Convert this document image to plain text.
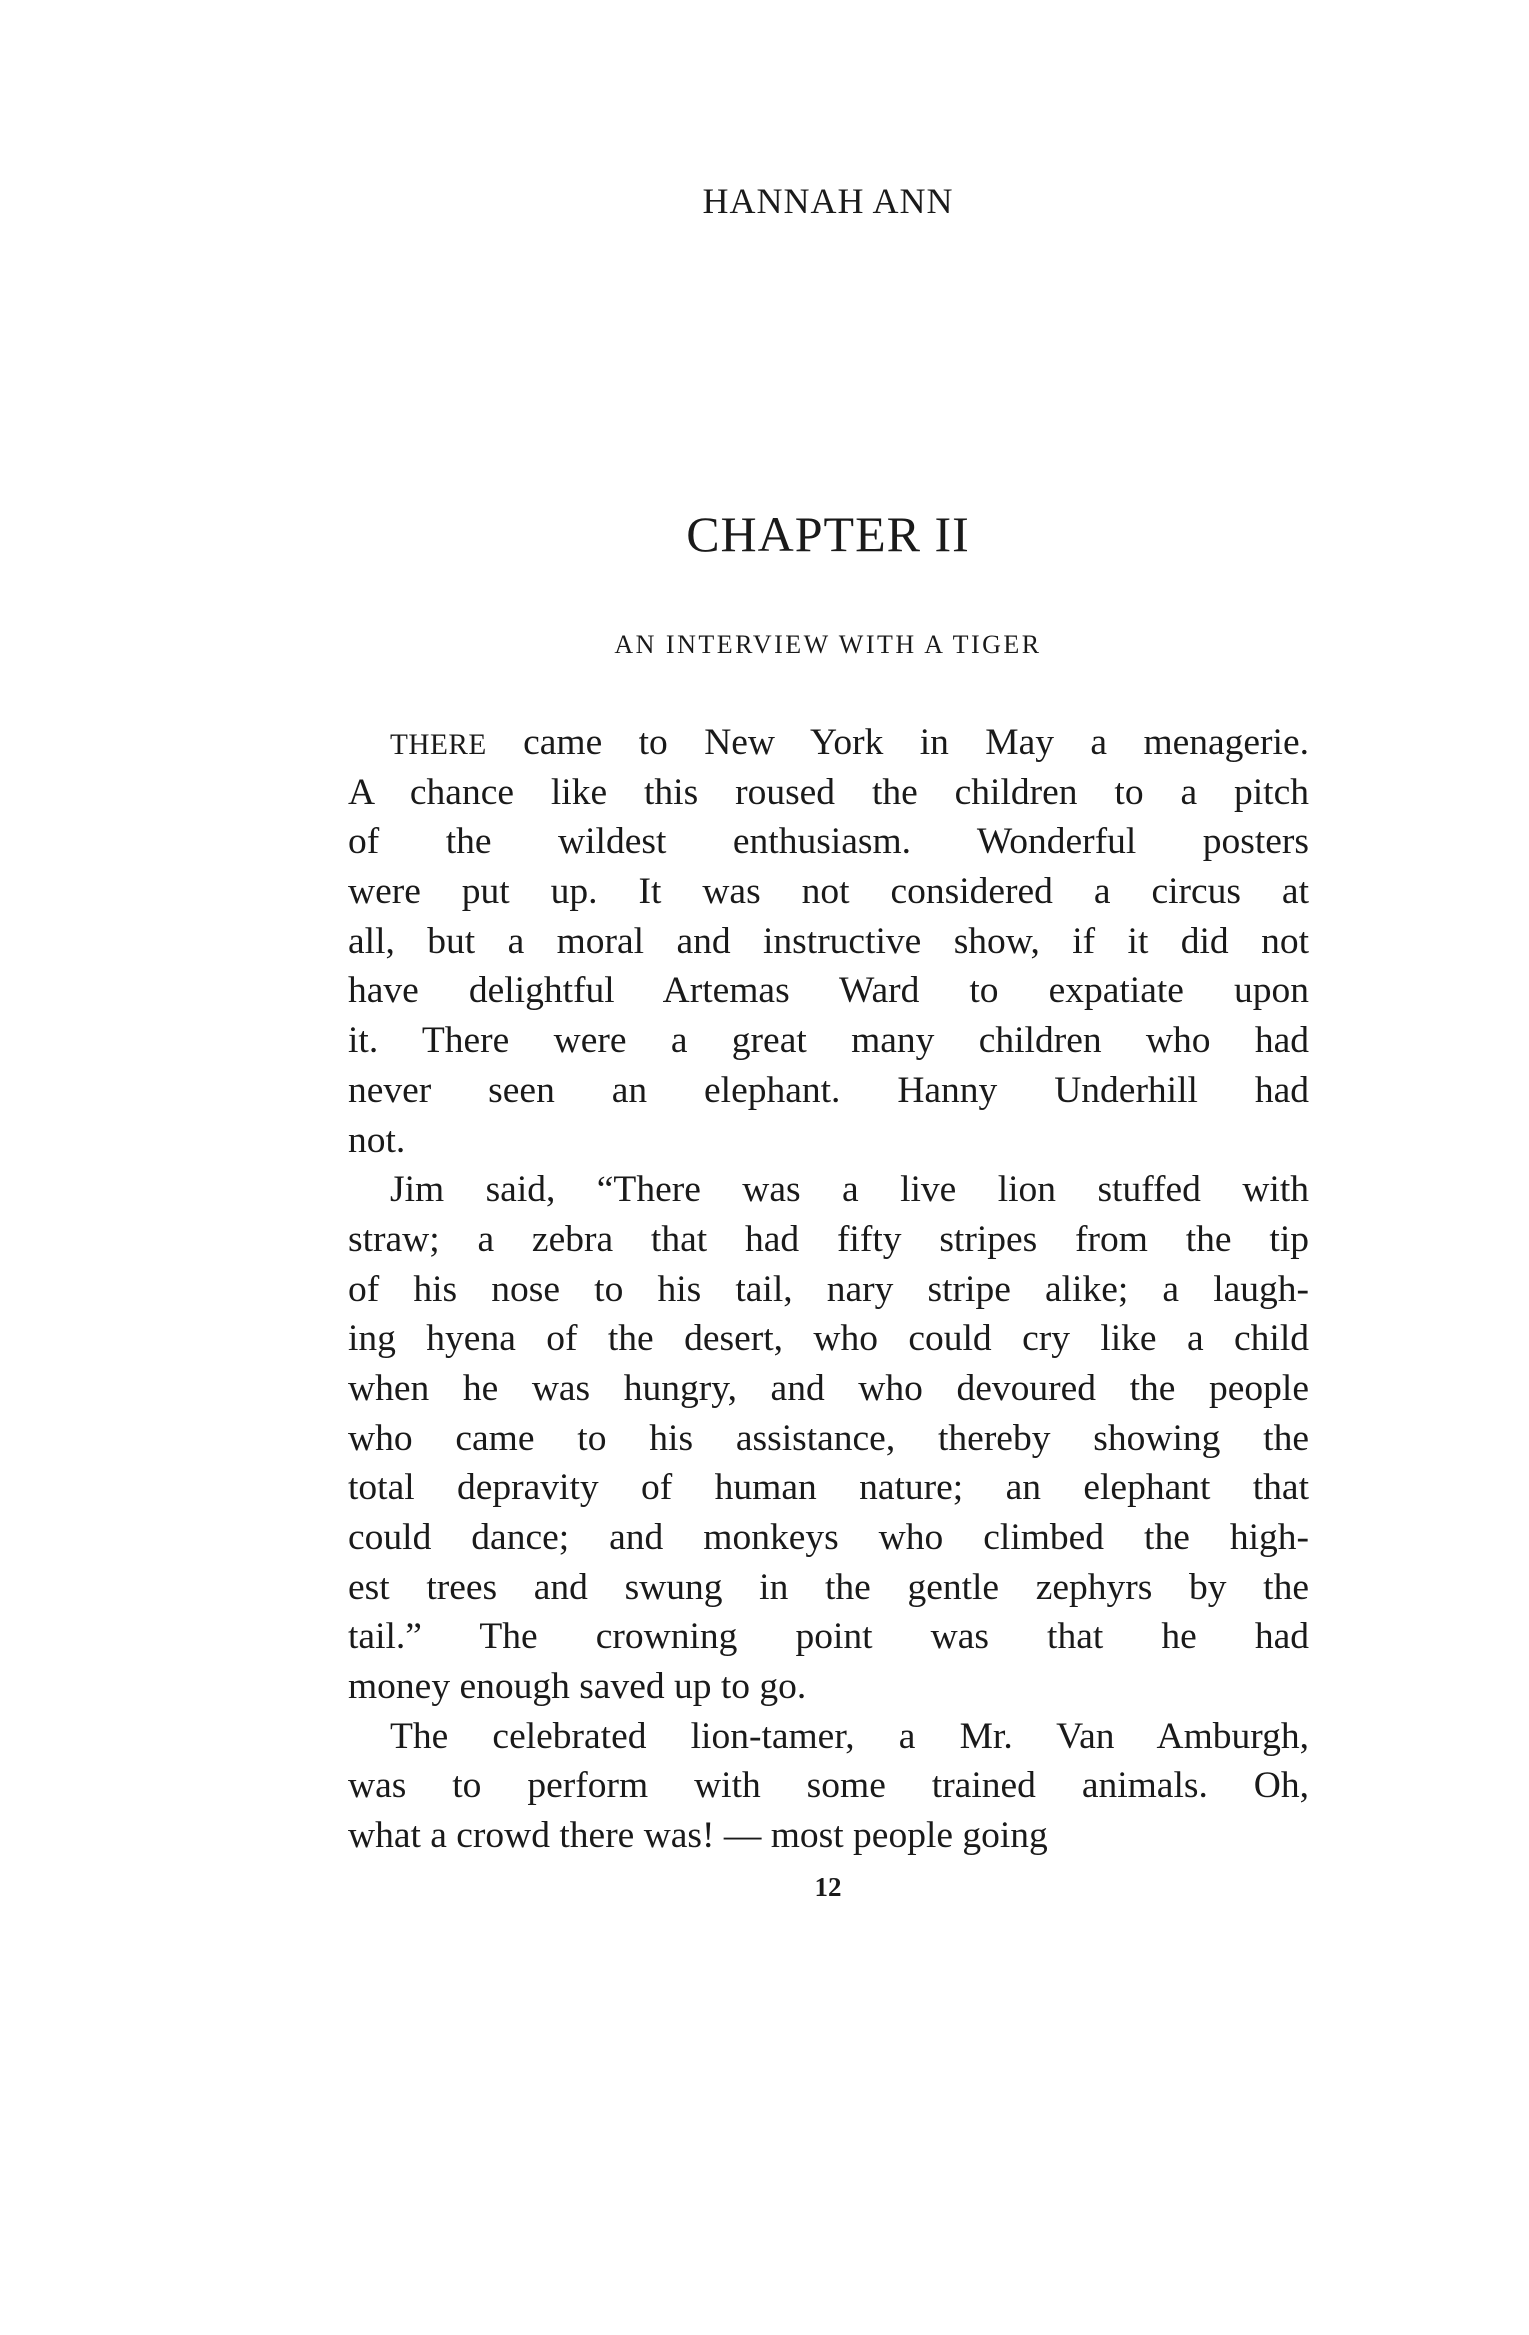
HANNAH ANN
CHAPTER II
AN INTERVIEW WITH A TIGER
THERE came to New York in May a menagerie.
A chance like this roused the children to a pitch
of the wildest enthusiasm. Wonderful posters
were put up. It was not considered a circus at
all, but a moral and instructive show, if it did not
have delightful Artemas Ward to expatiate upon
it. There were a great many children who had
never seen an elephant. Hanny Underhill had
not.
Jim said, “There was a live lion stuffed with
straw; a zebra that had fifty stripes from the tip
of his nose to his tail, nary stripe alike; a laugh-
ing hyena of the desert, who could cry like a child
when he was hungry, and who devoured the people
who came to his assistance, thereby showing the
total depravity of human nature; an elephant that
could dance; and monkeys who climbed the high-
est trees and swung in the gentle zephyrs by the
tail.” The crowning point was that he had
money enough saved up to go.
The celebrated lion-tamer, a Mr. Van Amburgh,
was to perform with some trained animals. Oh,
what a crowd there was! — most people going
12
